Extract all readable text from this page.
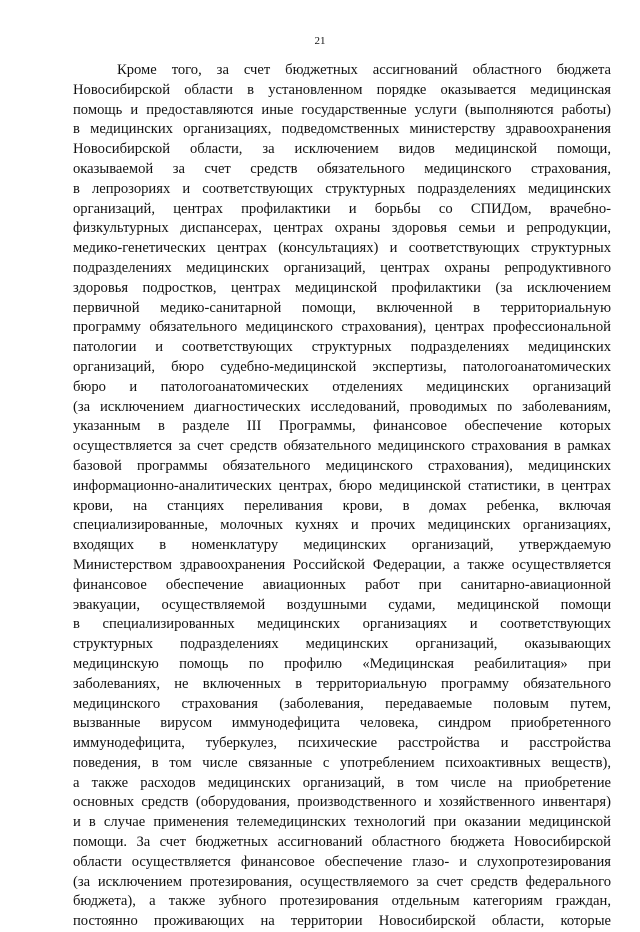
21
Кроме того, за счет бюджетных ассигнований областного бюджета
Новосибирской области в установленном порядке оказывается медицинская
помощь и предоставляются иные государственные услуги (выполняются работы)
в медицинских организациях, подведомственных министерству здравоохранения
Новосибирской области, за исключением видов медицинской помощи,
оказываемой за счет средств обязательного медицинского страхования,
в лепрозориях и соответствующих структурных подразделениях медицинских
организаций, центрах профилактики и борьбы со СПИДом, врачебно-
физкультурных диспансерах, центрах охраны здоровья семьи и репродукции,
медико-генетических центрах (консультациях) и соответствующих структурных
подразделениях медицинских организаций, центрах охраны репродуктивного
здоровья подростков, центрах медицинской профилактики (за исключением
первичной медико-санитарной помощи, включенной в территориальную
программу обязательного медицинского страхования), центрах профессиональной
патологии и соответствующих структурных подразделениях медицинских
организаций, бюро судебно-медицинской экспертизы, патологоанатомических
бюро и патологоанатомических отделениях медицинских организаций
(за исключением диагностических исследований, проводимых по заболеваниям,
указанным в разделе III Программы, финансовое обеспечение которых
осуществляется за счет средств обязательного медицинского страхования в рамках
базовой программы обязательного медицинского страхования), медицинских
информационно-аналитических центрах, бюро медицинской статистики, в центрах
крови, на станциях переливания крови, в домах ребенка, включая
специализированные, молочных кухнях и прочих медицинских организациях,
входящих в номенклатуру медицинских организаций, утверждаемую
Министерством здравоохранения Российской Федерации, а также осуществляется
финансовое обеспечение авиационных работ при санитарно-авиационной
эвакуации, осуществляемой воздушными судами, медицинской помощи
в специализированных медицинских организациях и соответствующих
структурных подразделениях медицинских организаций, оказывающих
медицинскую помощь по профилю «Медицинская реабилитация» при
заболеваниях, не включенных в территориальную программу обязательного
медицинского страхования (заболевания, передаваемые половым путем,
вызванные вирусом иммунодефицита человека, синдром приобретенного
иммунодефицита, туберкулез, психические расстройства и расстройства
поведения, в том числе связанные с употреблением психоактивных веществ),
а также расходов медицинских организаций, в том числе на приобретение
основных средств (оборудования, производственного и хозяйственного инвентаря)
и в случае применения телемедицинских технологий при оказании медицинской
помощи. За счет бюджетных ассигнований областного бюджета Новосибирской
области осуществляется финансовое обеспечение глазо- и слухопротезирования
(за исключением протезирования, осуществляемого за счет средств федерального
бюджета), а также зубного протезирования отдельным категориям граждан,
постоянно проживающих на территории Новосибирской области, которые
